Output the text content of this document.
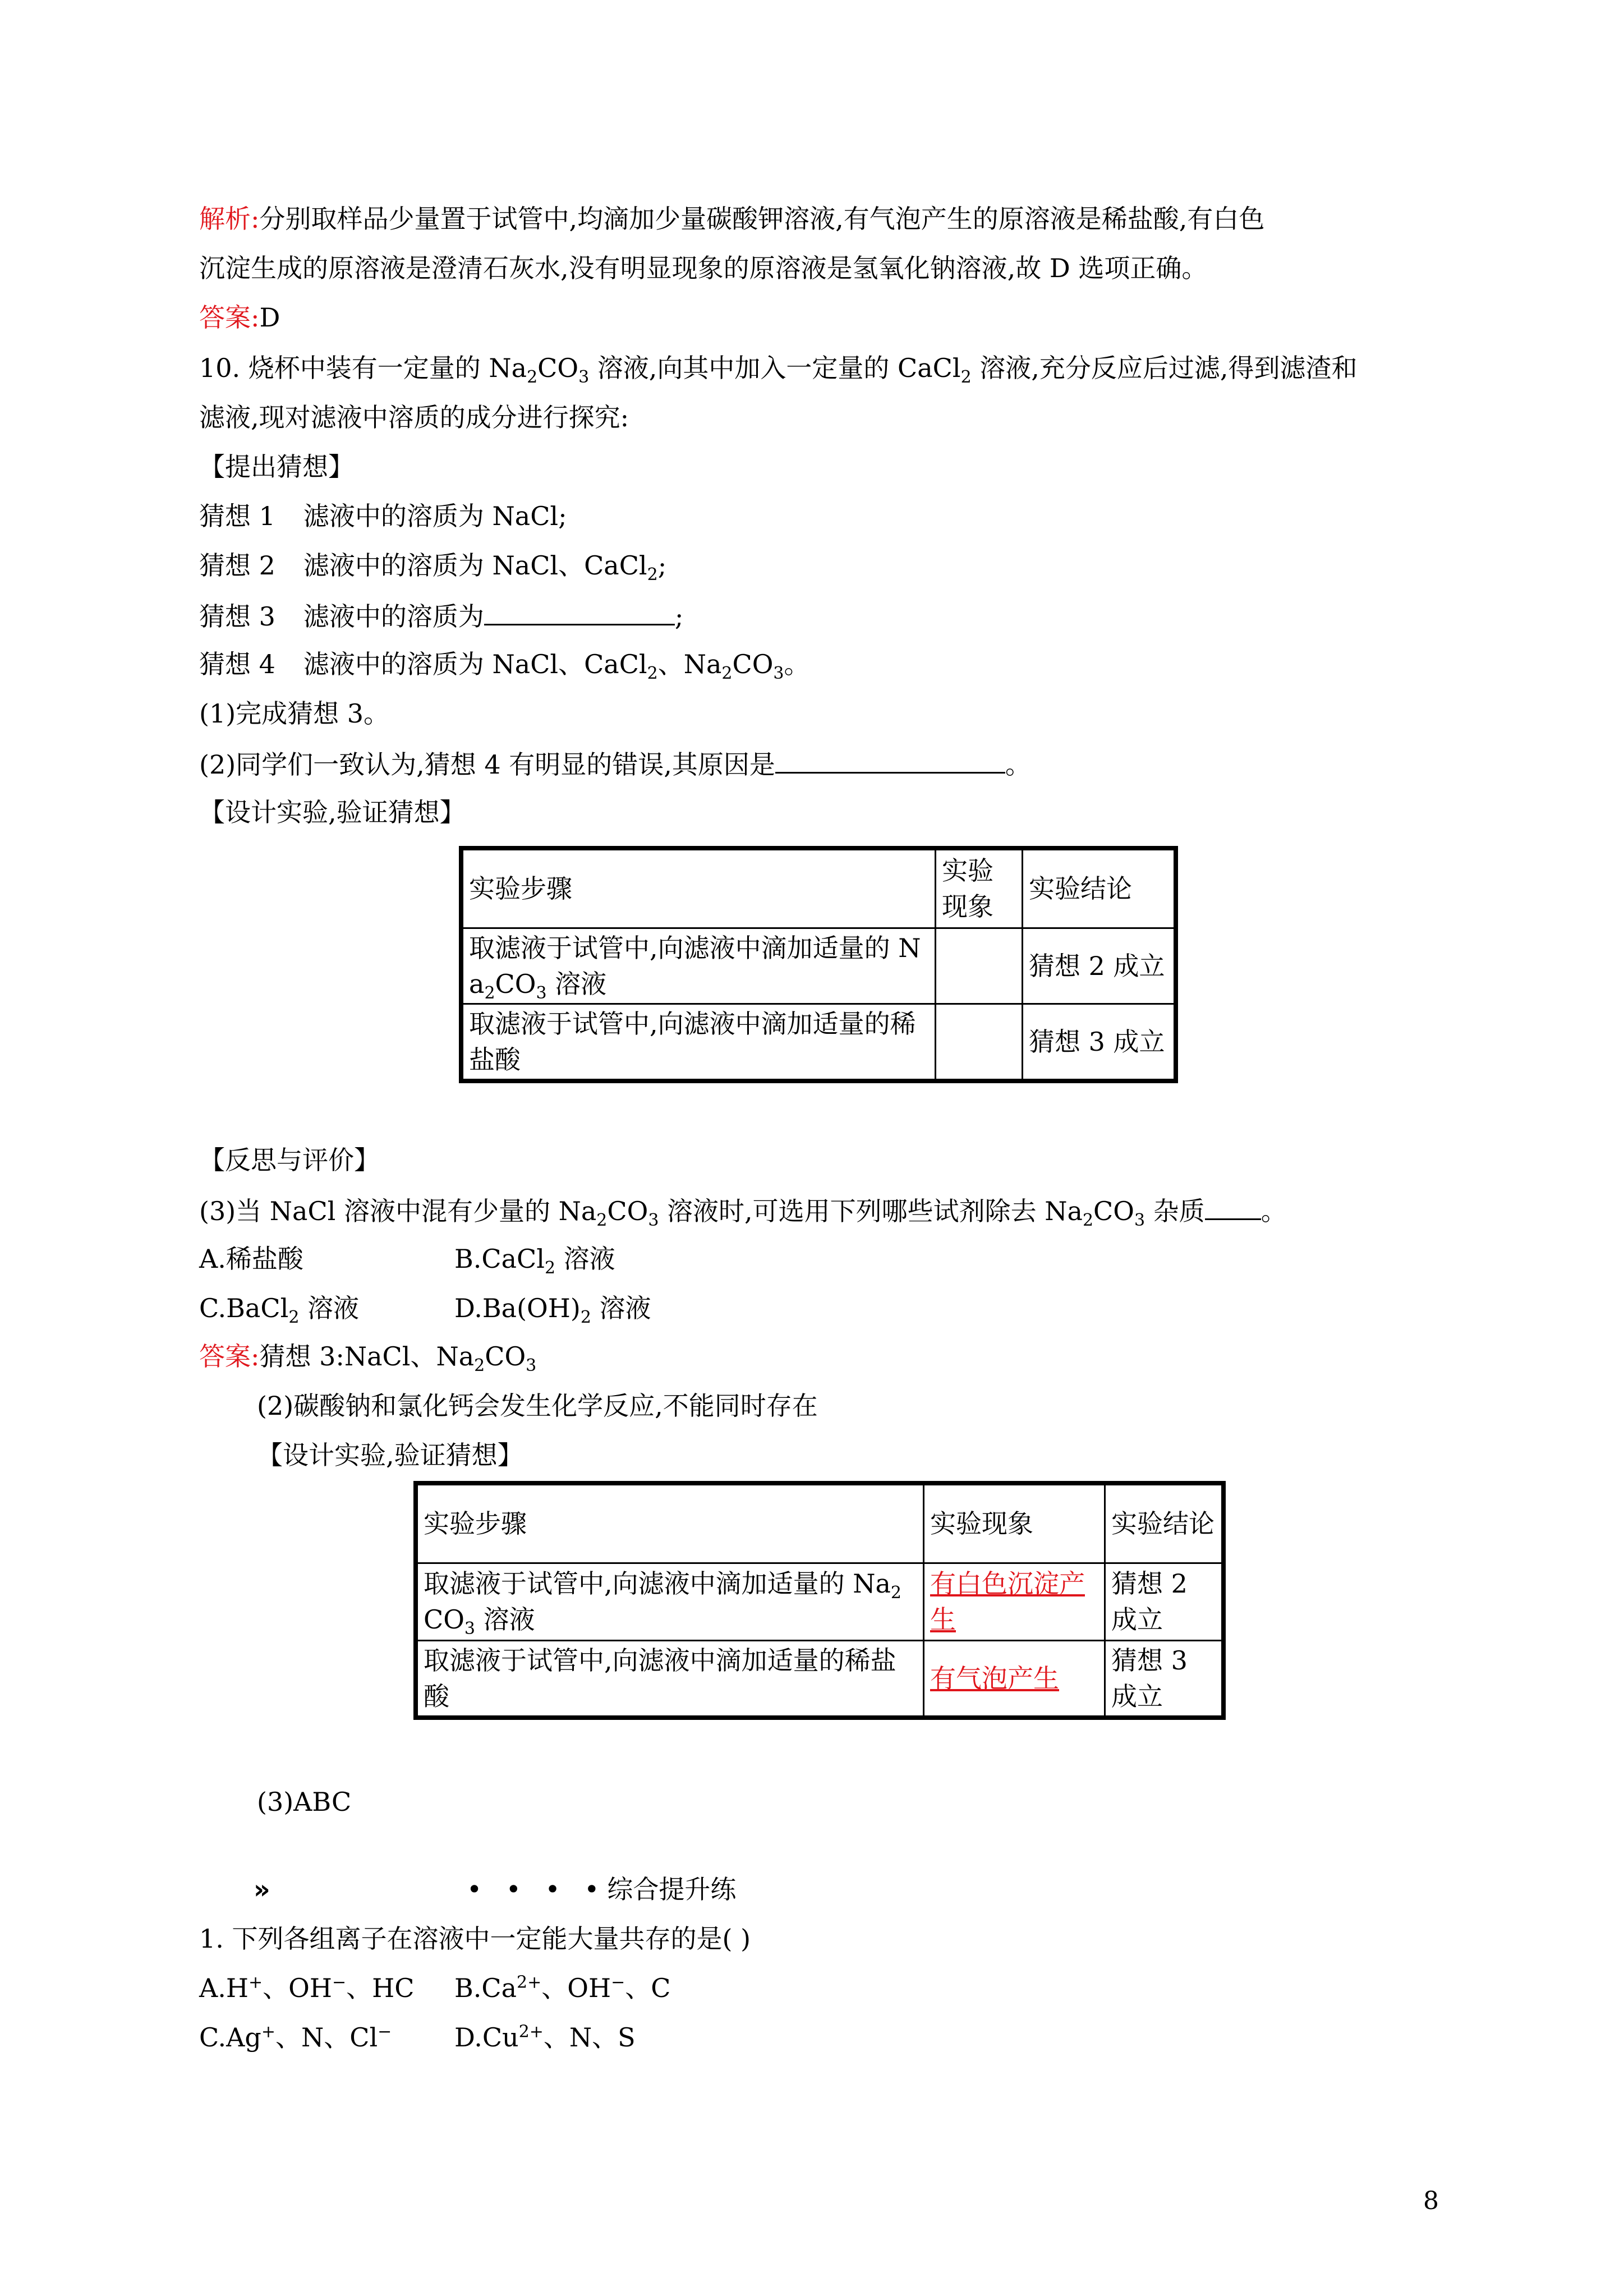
解析:分别取样品少量置于试管中,均滴加少量碳酸钾溶液,有气泡产生的原溶液是稀盐酸,有白色
沉淀生成的原溶液是澄清石灰水,没有明显现象的原溶液是氢氧化钠溶液,故 D 选项正确。
答案:D
10. 烧杯中装有一定量的 $Na_2CO_3$ 溶液,向其中加入一定量的 CaCl$_2$ 溶液,充分反应后过滤,得到滤渣和
滤液,现对滤液中溶质的成分进行探究:
【提出猜想】
猜想 1 滤液中的溶质为 NaCl;
猜想 2 滤液中的溶质为 NaCl、CaCl$_2$;
猜想 3 滤液中的溶质为	;
猜想 4 滤液中的溶质为 NaCl、CaCl$_2$、$Na_2CO_3$。
(1)完成猜想 3。
(2)同学们一致认为,猜想 4 有明显的错误,其原因是	。
【设计实验,验证猜想】
实验步骤	实验现象	实验结论
取滤液于试管中,向滤液中滴加适量的 $Na_2CO_3$ 溶液		猜想 2 成立
取滤液于试管中,向滤液中滴加适量的稀盐酸		猜想 3 成立
【反思与评价】
(3)当 NaCl 溶液中混有少量的 $Na_2CO_3$ 溶液时,可选用下列哪些试剂除去 $Na_2CO_3$ 杂质 。
A.稀盐酸	B.CaCl$_2$ 溶液
C.BaCl$_2$ 溶液	$D.Ba(OH)_2$ 溶液
答案:猜想 3:NaCl、$Na_2CO_3$
(2)碳酸钠和氯化钙会发生化学反应,不能同时存在
【设计实验,验证猜想】
实验步骤	实验现象	实验结论
取滤液于试管中,向滤液中滴加适量的 $Na_2CO_3$ 溶液	有白色沉淀产生	猜想 2 成立
取滤液于试管中,向滤液中滴加适量的稀盐酸	有气泡产生	猜想 3 成立
(3)ABC
»	• • • •综合提升练
1. 下列各组离子在溶液中一定能大量共存的是( )
A.H+、OH−、HC $B.Ca^{2+}$、OH−、C
C.Ag+、N、Cl− $D.Cu^{2+}$、N、S
8
